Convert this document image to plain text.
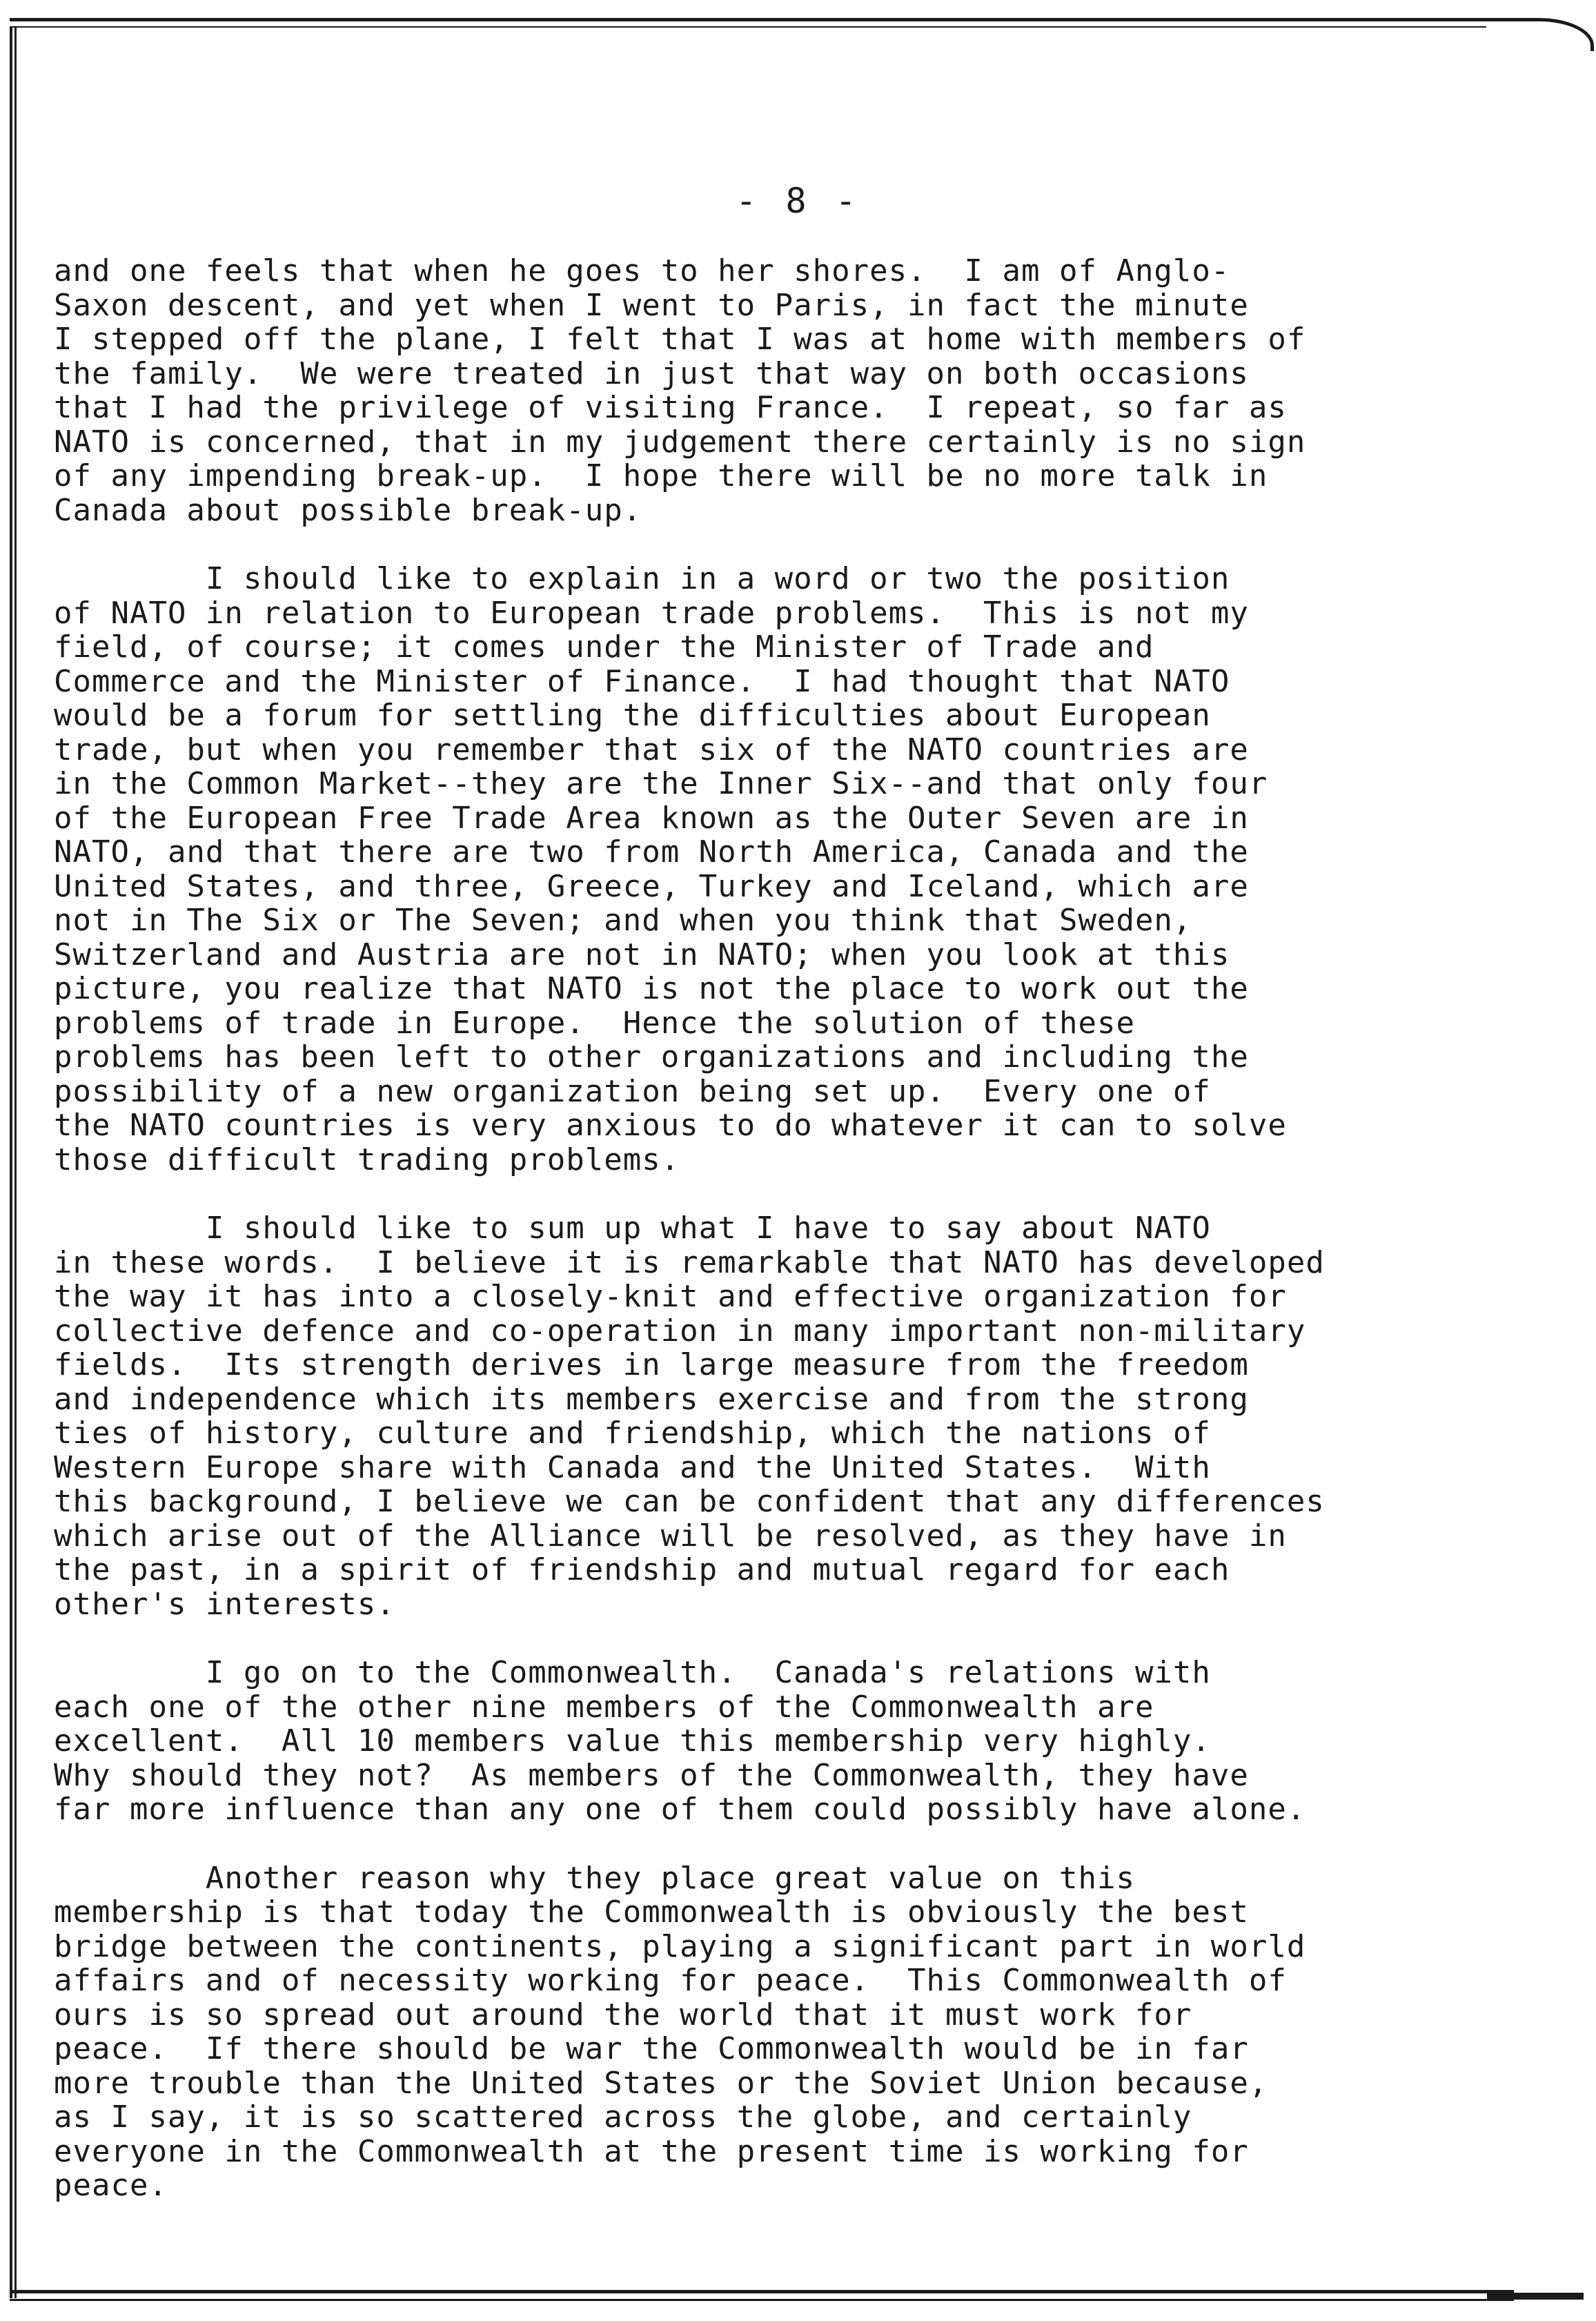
- 8 -
and one feels that when he goes to her shores.  I am of Anglo-
Saxon descent, and yet when I went to Paris, in fact the minute
I stepped off the plane, I felt that I was at home with members of
the family.  We were treated in just that way on both occasions
that I had the privilege of visiting France.  I repeat, so far as
NATO is concerned, that in my judgement there certainly is no sign
of any impending break-up.  I hope there will be no more talk in
Canada about possible break-up.
I should like to explain in a word or two the position
of NATO in relation to European trade problems.  This is not my
field, of course; it comes under the Minister of Trade and
Commerce and the Minister of Finance.  I had thought that NATO
would be a forum for settling the difficulties about European
trade, but when you remember that six of the NATO countries are
in the Common Market--they are the Inner Six--and that only four
of the European Free Trade Area known as the Outer Seven are in
NATO, and that there are two from North America, Canada and the
United States, and three, Greece, Turkey and Iceland, which are
not in The Six or The Seven; and when you think that Sweden,
Switzerland and Austria are not in NATO; when you look at this
picture, you realize that NATO is not the place to work out the
problems of trade in Europe.  Hence the solution of these
problems has been left to other organizations and including the
possibility of a new organization being set up.  Every one of
the NATO countries is very anxious to do whatever it can to solve
those difficult trading problems.
I should like to sum up what I have to say about NATO
in these words.  I believe it is remarkable that NATO has developed
the way it has into a closely-knit and effective organization for
collective defence and co-operation in many important non-military
fields.  Its strength derives in large measure from the freedom
and independence which its members exercise and from the strong
ties of history, culture and friendship, which the nations of
Western Europe share with Canada and the United States.  With
this background, I believe we can be confident that any differences
which arise out of the Alliance will be resolved, as they have in
the past, in a spirit of friendship and mutual regard for each
other's interests.
I go on to the Commonwealth.  Canada's relations with
each one of the other nine members of the Commonwealth are
excellent.  All 10 members value this membership very highly.
Why should they not?  As members of the Commonwealth, they have
far more influence than any one of them could possibly have alone.
Another reason why they place great value on this
membership is that today the Commonwealth is obviously the best
bridge between the continents, playing a significant part in world
affairs and of necessity working for peace.  This Commonwealth of
ours is so spread out around the world that it must work for
peace.  If there should be war the Commonwealth would be in far
more trouble than the United States or the Soviet Union because,
as I say, it is so scattered across the globe, and certainly
everyone in the Commonwealth at the present time is working for
peace.
